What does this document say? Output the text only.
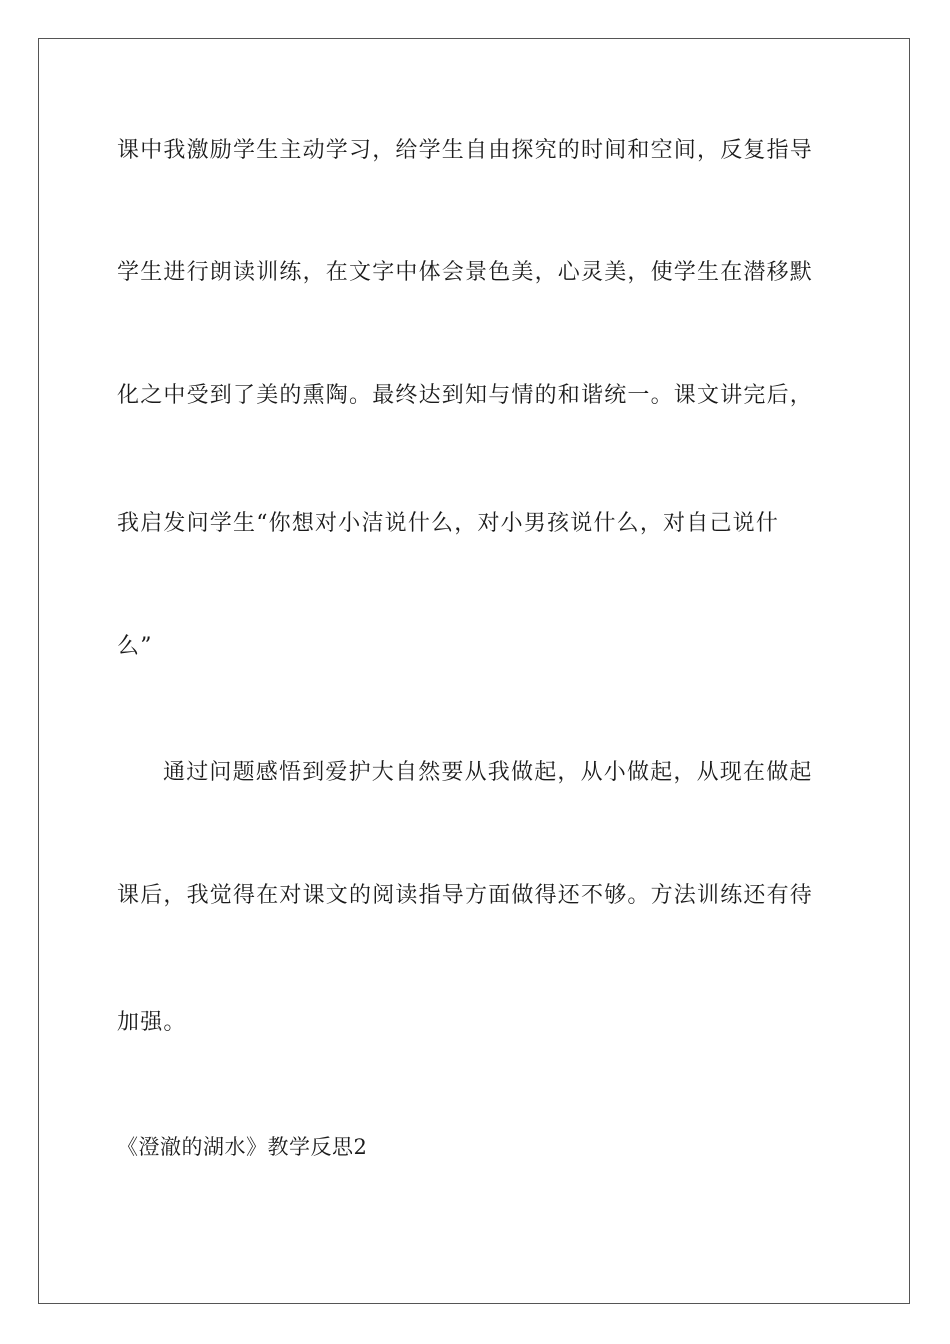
课中我激励学生主动学习，给学生自由探究的时间和空间，反复指导
学生进行朗读训练，在文字中体会景色美，心灵美，使学生在潜移默
化之中受到了美的熏陶。最终达到知与情的和谐统一。课文讲完后，
我启发问学生“你想对小洁说什么，对小男孩说什么，对自己说什
么”
通过问题感悟到爱护大自然要从我做起，从小做起，从现在做起
课后，我觉得在对课文的阅读指导方面做得还不够。方法训练还有待
加强。
《澄澈的湖水》教学反思2
